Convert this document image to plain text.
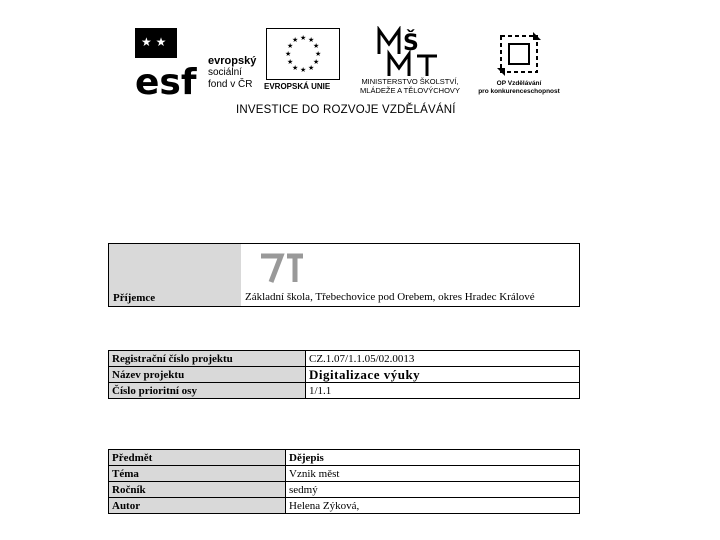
★ ★
esf
evropský
sociální
fond v ČR
★ ★
★
★
★
★
★
★
★
★
★
★
EVROPSKÁ UNIE
Š
MINISTERSTVO ŠKOLSTVÍ,
MLÁDEŽE A TĚLOVÝCHOVY
OP Vzdělávání
pro konkurenceschopnost
INVESTICE DO ROZVOJE VZDĚLÁVÁNÍ
Příjemce	Základní škola, Třebechovice pod Orebem, okres Hradec Králové
Registrační číslo projektu	CZ.1.07/1.1.05/02.0013
Název projektu	Digitalizace výuky
Číslo prioritní osy	1/1.1
Předmět	Dějepis
Téma	Vznik měst
Ročník	sedmý
Autor	Helena Zýková,
